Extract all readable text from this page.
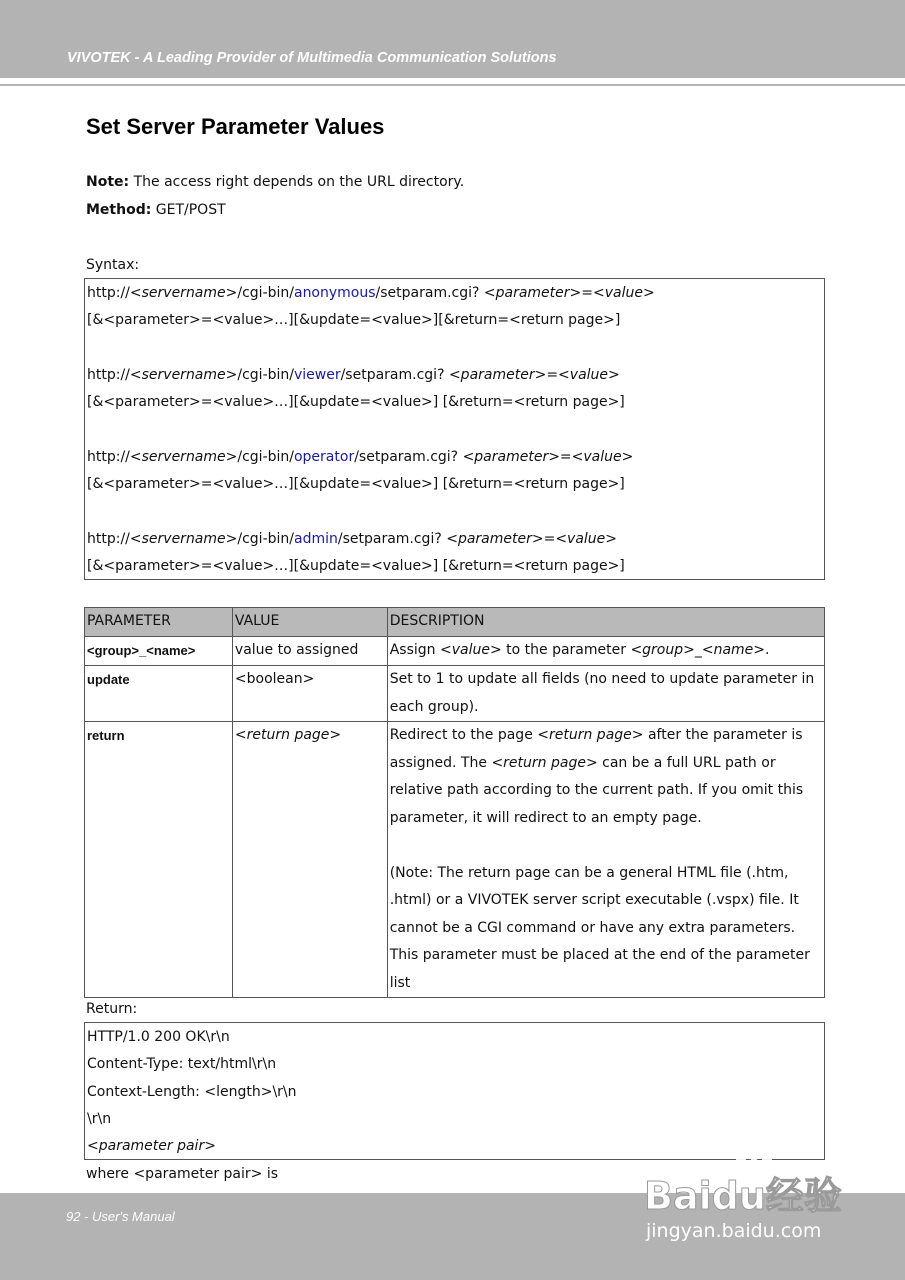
VIVOTEK - A Leading Provider of Multimedia Communication Solutions
Set Server Parameter Values
Note: The access right depends on the URL directory.
Method: GET/POST
Syntax:
http://<servername>/cgi-bin/anonymous/setparam.cgi? <parameter>=<value>
[&<parameter>=<value>…][&update=<value>][&return=<return page>]
http://<servername>/cgi-bin/viewer/setparam.cgi? <parameter>=<value>
[&<parameter>=<value>…][&update=<value>] [&return=<return page>]
http://<servername>/cgi-bin/operator/setparam.cgi? <parameter>=<value>
[&<parameter>=<value>…][&update=<value>] [&return=<return page>]
http://<servername>/cgi-bin/admin/setparam.cgi? <parameter>=<value>
[&<parameter>=<value>…][&update=<value>] [&return=<return page>]
PARAMETER	VALUE	DESCRIPTION
<group>_<name>	value to assigned	Assign <value> to the parameter <group>_<name>.
update	<boolean>	Set to 1 to update all fields (no need to update parameter in each group).
return	<return page>	Redirect to the page <return page> after the parameter is assigned. The <return page> can be a full URL path or relative path according to the current path. If you omit this parameter, it will redirect to an empty page.
(Note: The return page can be a general HTML file (.htm, .html) or a VIVOTEK server script executable (.vspx) file. It cannot be a CGI command or have any extra parameters. This parameter must be placed at the end of the parameter list
Return:
HTTP/1.0 200 OK\r\n
Content-Type: text/html\r\n
Context-Length: <length>\r\n
\r\n
<parameter pair>
where <parameter pair> is
92 - User's Manual	Baidu经验
jingyan.baidu.com
